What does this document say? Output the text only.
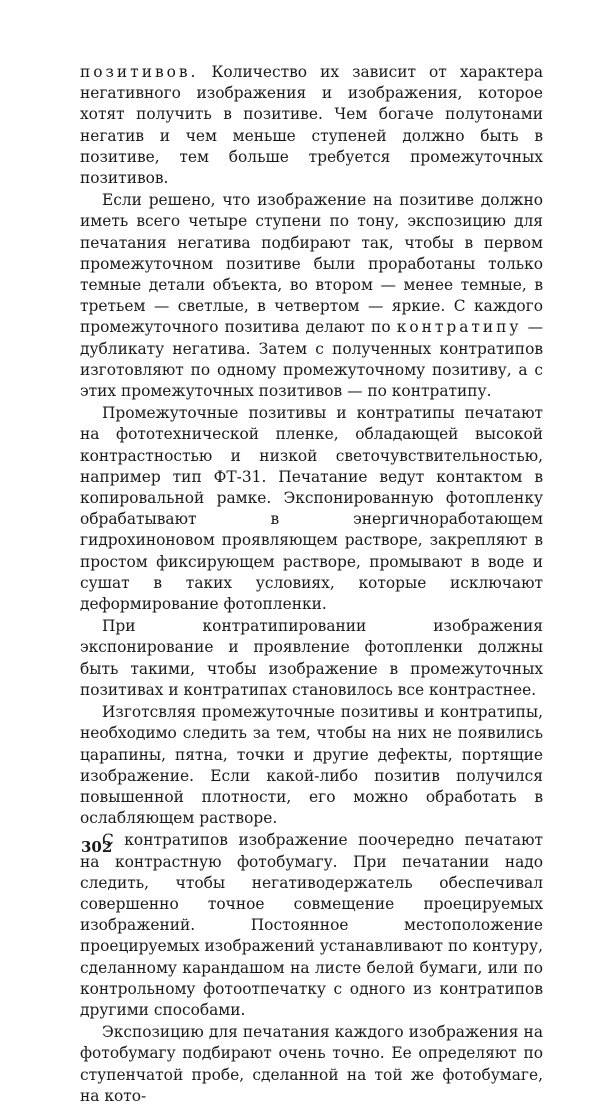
позитивов. Количество их зависит от характера негативного изображения и изображения, которое хотят получить в позитиве. Чем богаче полутонами негатив и чем меньше ступеней должно быть в позитиве, тем больше требуется промежуточных позитивов.

Если решено, что изображение на позитиве должно иметь всего четыре ступени по тону, экспозицию для печатания негатива подбирают так, чтобы в первом промежуточном позитиве были проработаны только темные детали объекта, во втором — менее темные, в третьем — светлые, в четвертом — яркие. С каждого промежуточного позитива делают по контратипу — дубликату негатива. Затем с полученных контратипов изготовляют по одному промежуточному позитиву, а с этих промежуточных позитивов — по контратипу.

Промежуточные позитивы и контратипы печатают на фототехнической пленке, обладающей высокой контрастностью и низкой светочувствительностью, например тип ФТ-31. Печатание ведут контактом в копировальной рамке. Экспонированную фотопленку обрабатывают в энергичноработающем гидрохиноновом проявляющем растворе, закрепляют в простом фиксирующем растворе, промывают в воде и сушат в таких условиях, которые исключают деформирование фотопленки.

При контратипировании изображения экспонирование и проявление фотопленки должны быть такими, чтобы изображение в промежуточных позитивах и контратипах становилось все контрастнее.

Изготсвляя промежуточные позитивы и контратипы, необходимо следить за тем, чтобы на них не появились царапины, пятна, точки и другие дефекты, портящие изображение. Если какой-либо позитив получился повышенной плотности, его можно обработать в ослабляющем растворе.

С контратипов изображение поочередно печатают на контрастную фотобумагу. При печатании надо следить, чтобы негативодержатель обеспечивал совершенно точное совмещение проецируемых изображений. Постоянное местоположение проецируемых изображений устанавливают по контуру, сделанному карандашом на листе белой бумаги, или по контрольному фотоотпечатку с одного из контратипов другими способами.

Экспозицию для печатания каждого изображения на фотобумагу подбирают очень точно. Ее определяют по ступенчатой пробе, сделанной на той же фотобумаге, на кото-

302
